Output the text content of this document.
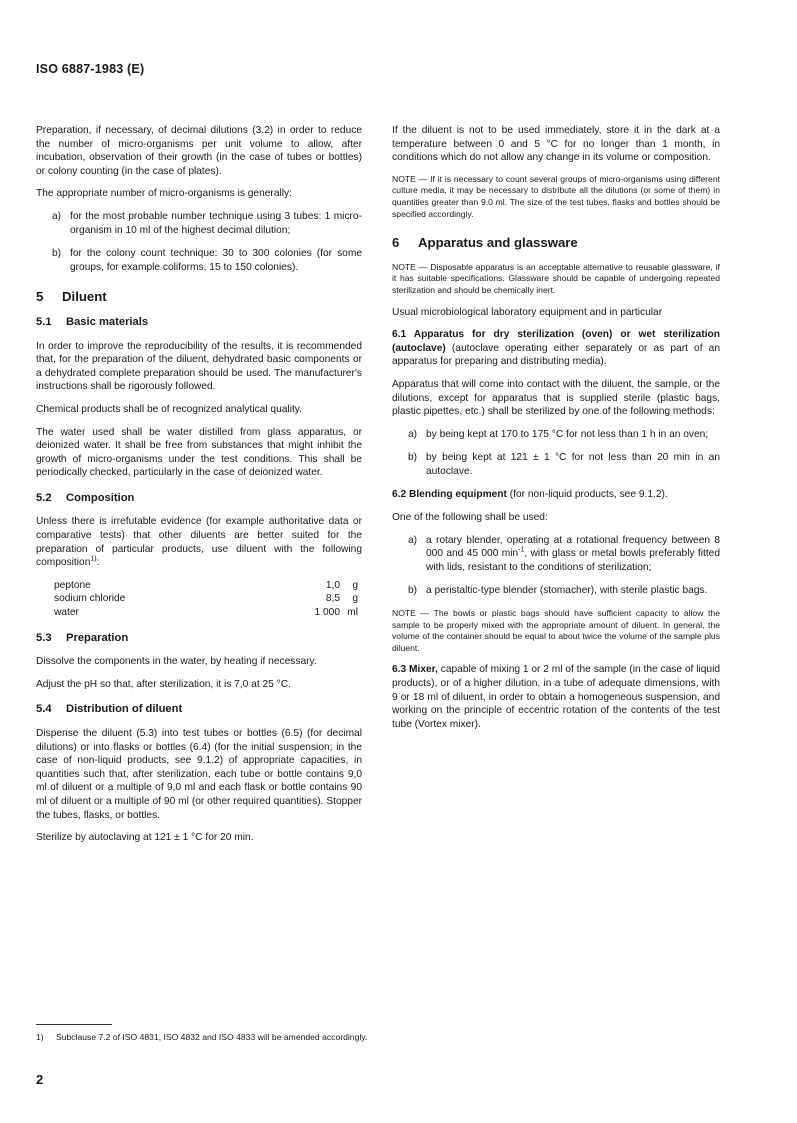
ISO 6887-1983 (E)

Preparation, if necessary, of decimal dilutions (3.2) in order to reduce the number of micro-organisms per unit volume to allow, after incubation, observation of their growth (in the case of tubes or bottles) or colony counting (in the case of plates).

The appropriate number of micro-organisms is generally:

a) for the most probable number technique using 3 tubes: 1 micro-organism in 10 ml of the highest decimal dilution;
b) for the colony count technique: 30 to 300 colonies (for some groups, for example coliforms, 15 to 150 colonies).
5 Diluent
5.1 Basic materials

In order to improve the reproducibility of the results, it is recommended that, for the preparation of the diluent, dehydrated basic components or a dehydrated complete preparation should be used. The manufacturer's instructions shall be rigorously followed.

Chemical products shall be of recognized analytical quality.

The water used shall be water distilled from glass apparatus, or deionized water. It shall be free from substances that might inhibit the growth of micro-organisms under the test conditions. This shall be periodically checked, particularly in the case of deionized water.

5.2 Composition

Unless there is irrefutable evidence (for example authoritative data or comparative tests) that other diluents are better suited for the preparation of particular products, use diluent with the following composition$^{1)}$:

peptone	1,0	g
sodium chloride	8,5	g
water	1 000	ml
5.3 Preparation

Dissolve the components in the water, by heating if necessary.

Adjust the pH so that, after sterilization, it is 7,0 at 25 °C.

5.4 Distribution of diluent

Dispense the diluent (5.3) into test tubes or bottles (6.5) (for decimal dilutions) or into flasks or bottles (6.4) (for the initial suspension; in the case of non-liquid products, see 9.1.2) of appropriate capacities, in quantities such that, after sterilization, each tube or bottle contains 9,0 ml of diluent or a multiple of 9,0 ml and each flask or bottle contains 90 ml of diluent or a multiple of 90 ml (or other required quantities). Stopper the tubes, flasks, or bottles.

Sterilize by autoclaving at 121 ± 1 °C for 20 min.

If the diluent is not to be used immediately, store it in the dark at a temperature between 0 and 5 °C for no longer than 1 month, in conditions which do not allow any change in its volume or composition.

NOTE — If it is necessary to count several groups of micro-organisms using different culture media, it may be necessary to distribute all the dilutions (or some of them) in quantities greater than 9.0 ml. The size of the test tubes, flasks and bottles should be specified accordingly.

6 Apparatus and glassware

NOTE — Disposable apparatus is an acceptable alternative to reusable glassware, if it has suitable specifications. Glassware should be capable of undergoing repeated sterilization and should be chemically inert.

Usual microbiological laboratory equipment and in particular

6.1 Apparatus for dry sterilization (oven) or wet sterilization (autoclave) (autoclave operating either separately or as part of an apparatus for preparing and distributing media).

Apparatus that will come into contact with the diluent, the sample, or the dilutions, except for apparatus that is supplied sterile (plastic bags, plastic pipettes, etc.) shall be sterilized by one of the following methods:

a) by being kept at 170 to 175 °C for not less than 1 h in an oven;
b) by being kept at 121 ± 1 °C for not less than 20 min in an autoclave.

6.2 Blending equipment (for non-liquid products, see 9.1.2).

One of the following shall be used:

a) a rotary blender, operating at a rotational frequency between 8 000 and 45 000 $\min^{-1}$, with glass or metal bowls preferably fitted with lids, resistant to the conditions of sterilization;
b) a peristaltic-type blender (stomacher), with sterile plastic bags.

NOTE — The bowls or plastic bags should have sufficient capacity to allow the sample to be properly mixed with the appropriate amount of diluent. In general, the volume of the container should be equal to about twice the volume of the sample plus diluent.

6.3 Mixer, capable of mixing 1 or 2 ml of the sample (in the case of liquid products), or of a higher dilution, in a tube of adequate dimensions, with 9 or 18 ml of diluent, in order to obtain a homogeneous suspension, and working on the principle of eccentric rotation of the contents of the test tube (Vortex mixer).

1) Subclause 7.2 of ISO 4831, ISO 4832 and ISO 4833 will be amended accordingly.
2
